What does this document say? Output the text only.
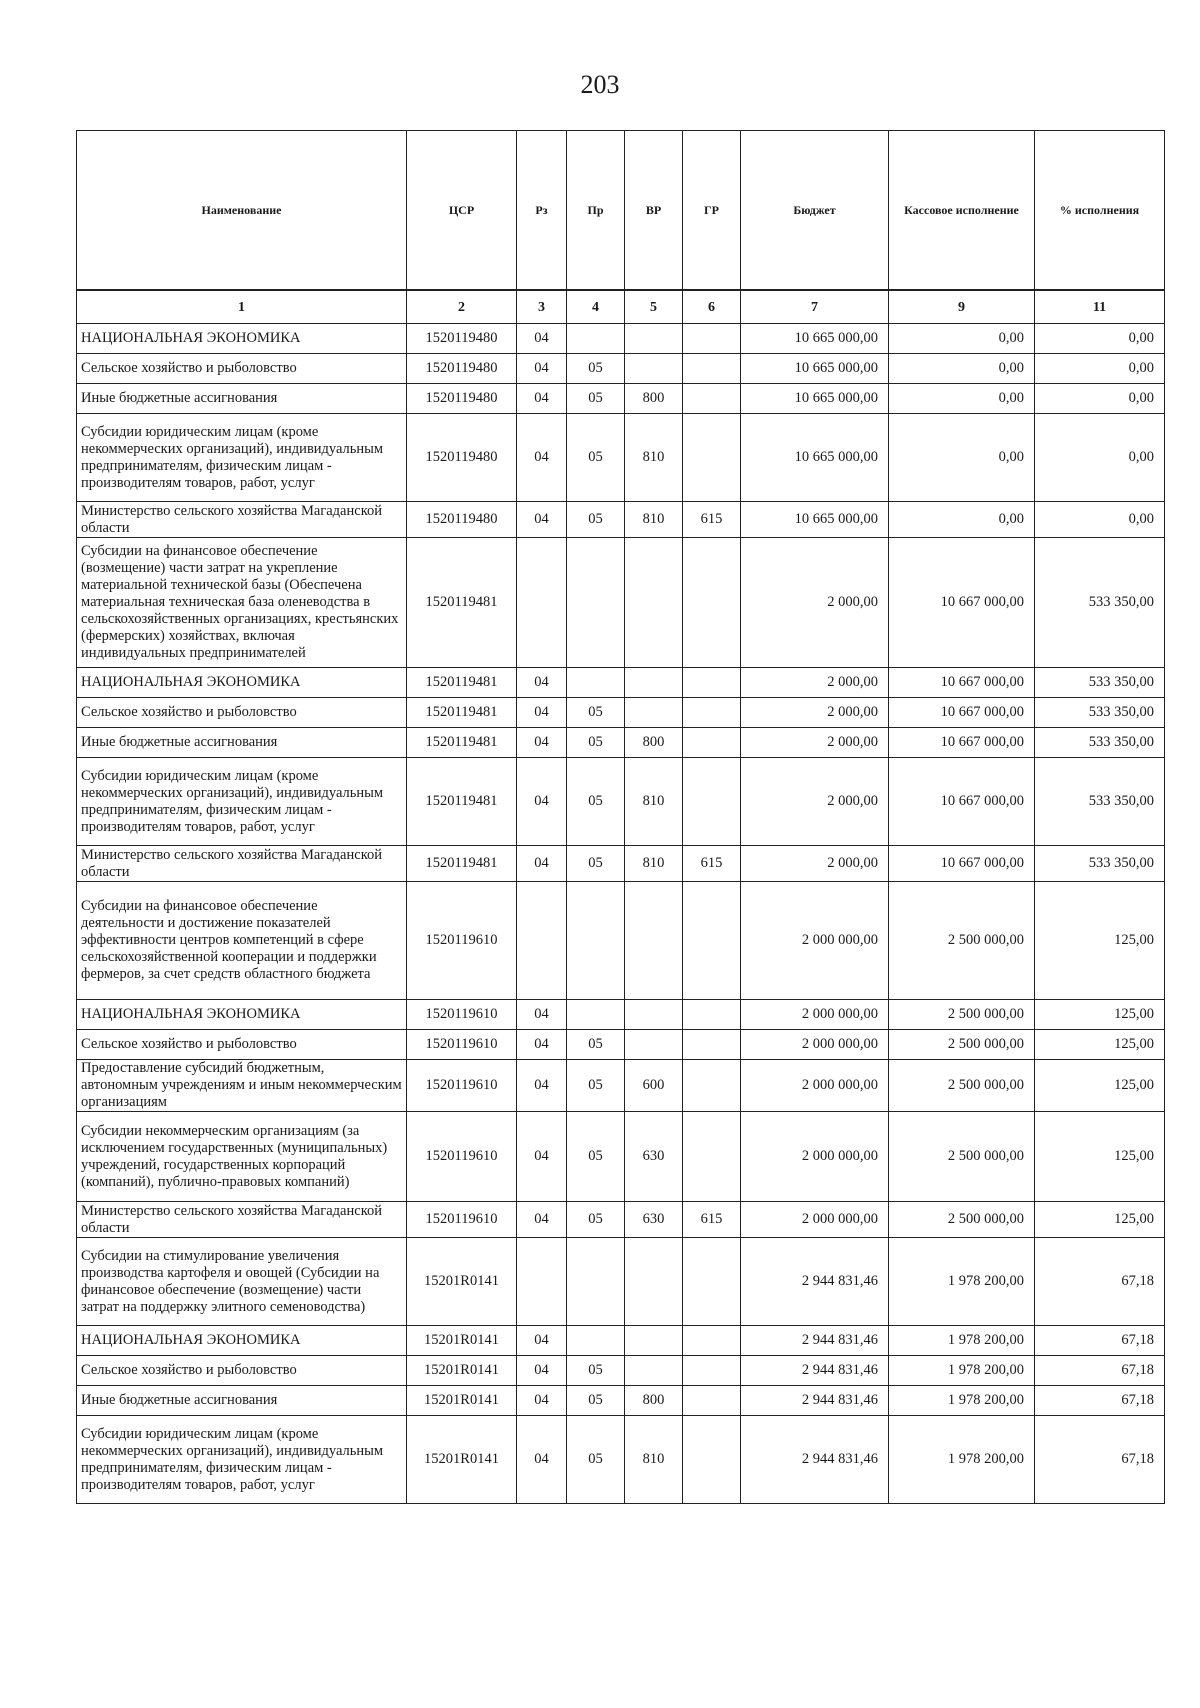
203
Наименование	ЦСР	Рз	Пр	ВР	ГР	Бюджет	Кассовое исполнение	% исполнения
1	2	3	4	5	6	7	9	11
НАЦИОНАЛЬНАЯ ЭКОНОМИКА	1520119480	04				10 665 000,00	0,00	0,00
Сельское хозяйство и рыболовство	1520119480	04	05			10 665 000,00	0,00	0,00
Иные бюджетные ассигнования	1520119480	04	05	800		10 665 000,00	0,00	0,00
Субсидии юридическим лицам (кроме некоммерческих организаций), индивидуальным предпринимателям, физическим лицам - производителям товаров, работ, услуг	1520119480	04	05	810		10 665 000,00	0,00	0,00
Министерство сельского хозяйства Магаданской области	1520119480	04	05	810	615	10 665 000,00	0,00	0,00
Субсидии на финансовое обеспечение (возмещение) части затрат на укрепление материальной технической базы (Обеспечена материальная техническая база оленеводства в сельскохозяйственных организациях, крестьянских (фермерских) хозяйствах, включая индивидуальных предпринимателей	1520119481					2 000,00	10 667 000,00	533 350,00
НАЦИОНАЛЬНАЯ ЭКОНОМИКА	1520119481	04				2 000,00	10 667 000,00	533 350,00
Сельское хозяйство и рыболовство	1520119481	04	05			2 000,00	10 667 000,00	533 350,00
Иные бюджетные ассигнования	1520119481	04	05	800		2 000,00	10 667 000,00	533 350,00
Субсидии юридическим лицам (кроме некоммерческих организаций), индивидуальным предпринимателям, физическим лицам - производителям товаров, работ, услуг	1520119481	04	05	810		2 000,00	10 667 000,00	533 350,00
Министерство сельского хозяйства Магаданской области	1520119481	04	05	810	615	2 000,00	10 667 000,00	533 350,00
Субсидии на финансовое обеспечение деятельности и достижение показателей эффективности центров компетенций в сфере сельскохозяйственной кооперации и поддержки фермеров, за счет средств областного бюджета	1520119610					2 000 000,00	2 500 000,00	125,00
НАЦИОНАЛЬНАЯ ЭКОНОМИКА	1520119610	04				2 000 000,00	2 500 000,00	125,00
Сельское хозяйство и рыболовство	1520119610	04	05			2 000 000,00	2 500 000,00	125,00
Предоставление субсидий бюджетным, автономным учреждениям и иным некоммерческим организациям	1520119610	04	05	600		2 000 000,00	2 500 000,00	125,00
Субсидии некоммерческим организациям (за исключением государственных (муниципальных) учреждений, государственных корпораций (компаний), публично-правовых компаний)	1520119610	04	05	630		2 000 000,00	2 500 000,00	125,00
Министерство сельского хозяйства Магаданской области	1520119610	04	05	630	615	2 000 000,00	2 500 000,00	125,00
Субсидии на стимулирование увеличения производства картофеля и овощей (Субсидии на финансовое обеспечение (возмещение) части затрат на поддержку элитного семеноводства)	15201R0141					2 944 831,46	1 978 200,00	67,18
НАЦИОНАЛЬНАЯ ЭКОНОМИКА	15201R0141	04				2 944 831,46	1 978 200,00	67,18
Сельское хозяйство и рыболовство	15201R0141	04	05			2 944 831,46	1 978 200,00	67,18
Иные бюджетные ассигнования	15201R0141	04	05	800		2 944 831,46	1 978 200,00	67,18
Субсидии юридическим лицам (кроме некоммерческих организаций), индивидуальным предпринимателям, физическим лицам - производителям товаров, работ, услуг	15201R0141	04	05	810		2 944 831,46	1 978 200,00	67,18
